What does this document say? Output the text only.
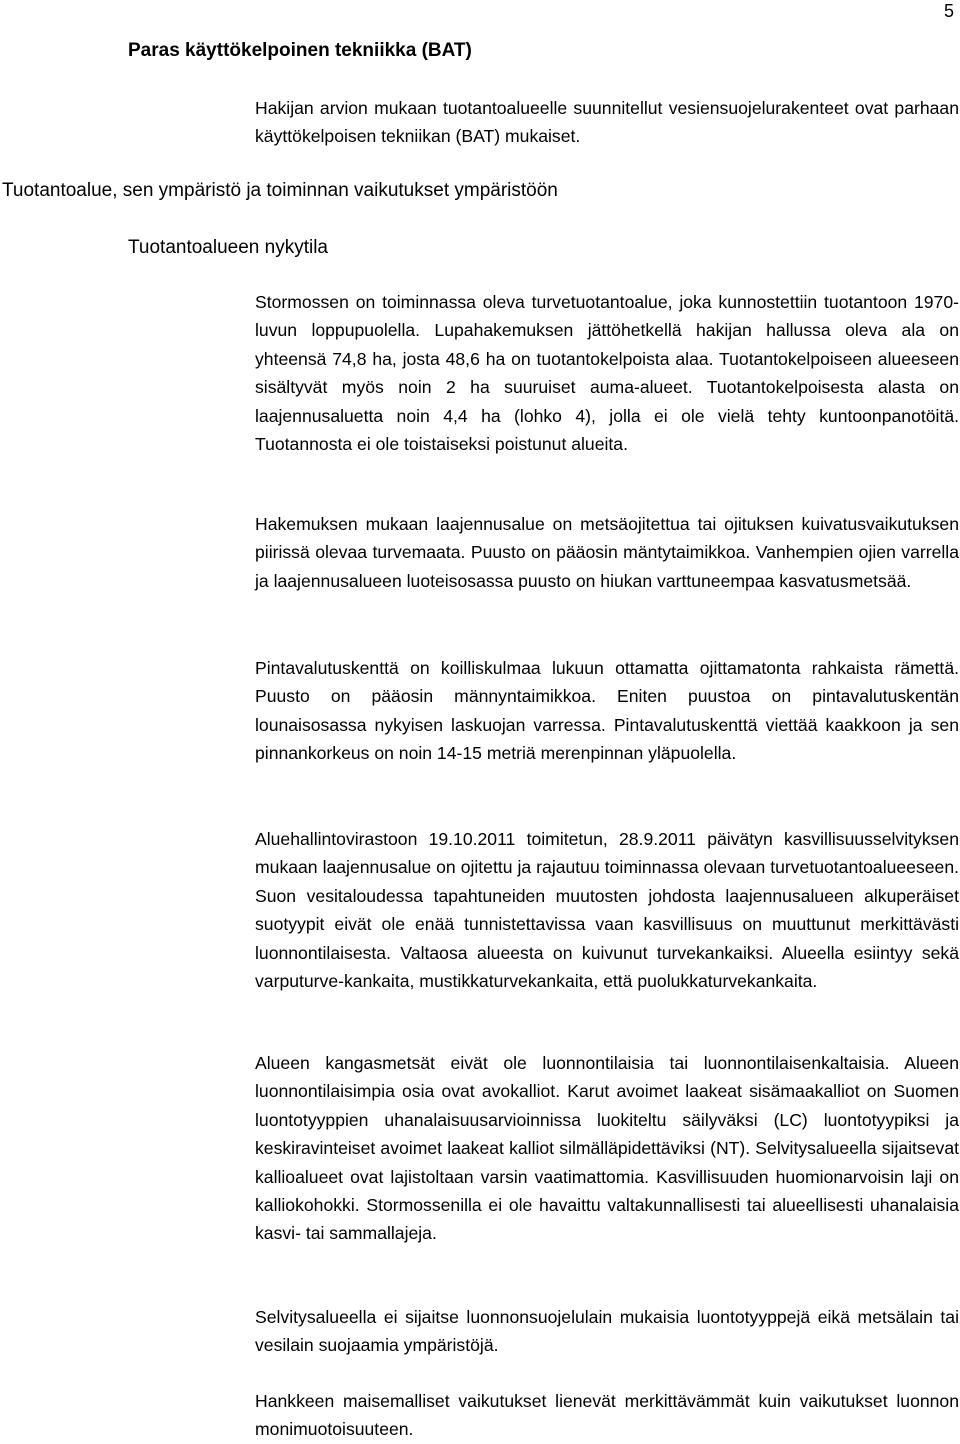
5
Paras käyttökelpoinen tekniikka (BAT)

Hakijan arvion mukaan tuotantoalueelle suunnitellut vesiensuojelurakenteet ovat parhaan käyttökelpoisen tekniikan (BAT) mukaiset.

Tuotantoalue, sen ympäristö ja toiminnan vaikutukset ympäristöön
Tuotantoalueen nykytila

Stormossen on toiminnassa oleva turvetuotantoalue, joka kunnostettiin tuotantoon 1970-luvun loppupuolella. Lupahakemuksen jättöhetkellä hakijan hallussa oleva ala on yhteensä 74,8 ha, josta 48,6 ha on tuotantokelpoista alaa. Tuotantokelpoiseen alueeseen sisältyvät myös noin 2 ha suuruiset auma-alueet. Tuotantokelpoisesta alasta on laajennusaluetta noin 4,4 ha (lohko 4), jolla ei ole vielä tehty kuntoonpanotöitä. Tuotannosta ei ole toistaiseksi poistunut alueita.

Hakemuksen mukaan laajennusalue on metsäojitettua tai ojituksen kuivatusvaikutuksen piirissä olevaa turvemaata. Puusto on pääosin mäntytaimikkoa. Vanhempien ojien varrella ja laajennusalueen luoteisosassa puusto on hiukan varttuneempaa kasvatusmetsää.

Pintavalutuskenttä on koilliskulmaa lukuun ottamatta ojittamatonta rahkaista rämettä. Puusto on pääosin männyntaimikkoa. Eniten puustoa on pintavalutuskentän lounaisosassa nykyisen laskuojan varressa. Pintavalutuskenttä viettää kaakkoon ja sen pinnankorkeus on noin 14-15 metriä merenpinnan yläpuolella.

Aluehallintovirastoon 19.10.2011 toimitetun, 28.9.2011 päivätyn kasvillisuusselvityksen mukaan laajennusalue on ojitettu ja rajautuu toiminnassa olevaan turvetuotantoalueeseen. Suon vesitaloudessa tapahtuneiden muutosten johdosta laajennusalueen alkuperäiset suotyypit eivät ole enää tunnistettavissa vaan kasvillisuus on muuttunut merkittävästi luonnontilaisesta. Valtaosa alueesta on kuivunut turvekankaiksi. Alueella esiintyy sekä varputurve-kankaita, mustikkaturvekankaita, että puolukkaturvekankaita.

Alueen kangasmetsät eivät ole luonnontilaisia tai luonnontilaisenkaltaisia. Alueen luonnontilaisimpia osia ovat avokalliot. Karut avoimet laakeat sisämaakalliot on Suomen luontotyyppien uhanalaisuusarvioinnissa luokiteltu säilyväksi (LC) luontotyypiksi ja keskiravinteiset avoimet laakeat kalliot silmälläpidettäviksi (NT). Selvitysalueella sijaitsevat kallioalueet ovat lajistoltaan varsin vaatimattomia. Kasvillisuuden huomionarvoisin laji on kalliokohokki. Stormossenilla ei ole havaittu valtakunnallisesti tai alueellisesti uhanalaisia kasvi- tai sammallajeja.

Selvitysalueella ei sijaitse luonnonsuojelulain mukaisia luontotyyppejä eikä metsälain tai vesilain suojaamia ympäristöjä.

Hankkeen maisemalliset vaikutukset lienevät merkittävämmät kuin vaikutukset luonnon monimuotoisuuteen.
